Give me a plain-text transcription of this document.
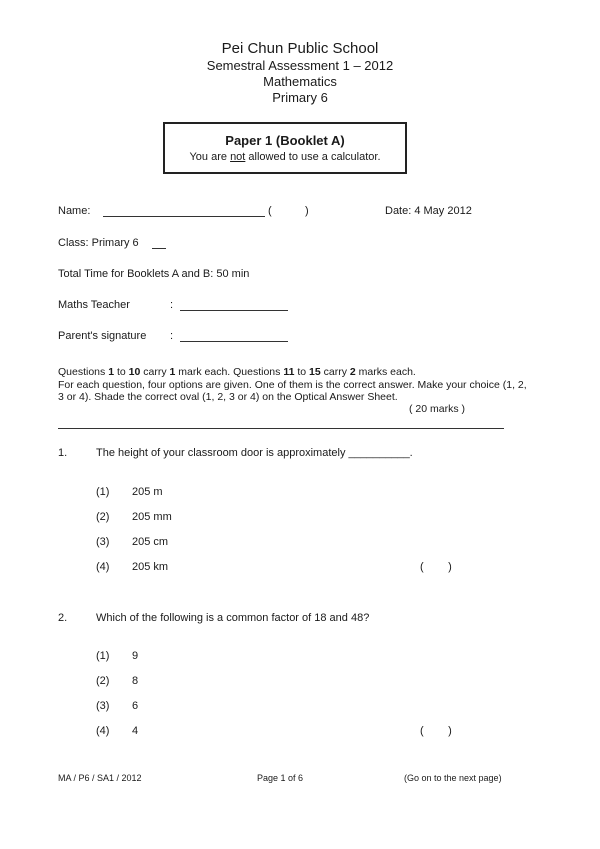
Pei Chun Public School
Semestral Assessment 1 – 2012
Mathematics
Primary 6
Paper 1 (Booklet A)
You are not allowed to use a calculator.
Name:	(	)	Date: 4 May 2012
Class: Primary 6
Total Time for Booklets A and B: 50 min
Maths Teacher	:
Parent's signature :
Questions 1 to 10 carry 1 mark each. Questions 11 to 15 carry 2 marks each.
For each question, four options are given. One of them is the correct answer. Make your choice (1, 2, 3 or 4). Shade the correct oval (1, 2, 3 or 4) on the Optical Answer Sheet.
( 20 marks )
1.	The height of your classroom door is approximately __________.
(1) 205 m
(2) 205 mm
(3) 205 cm
(4) 205 km	(        )
2.	Which of the following is a common factor of 18 and 48?
(1) 9
(2) 8
(3) 6
(4) 4	(        )
MA / P6 / SA1 / 2012	Page 1 of 6	(Go on to the next page)
